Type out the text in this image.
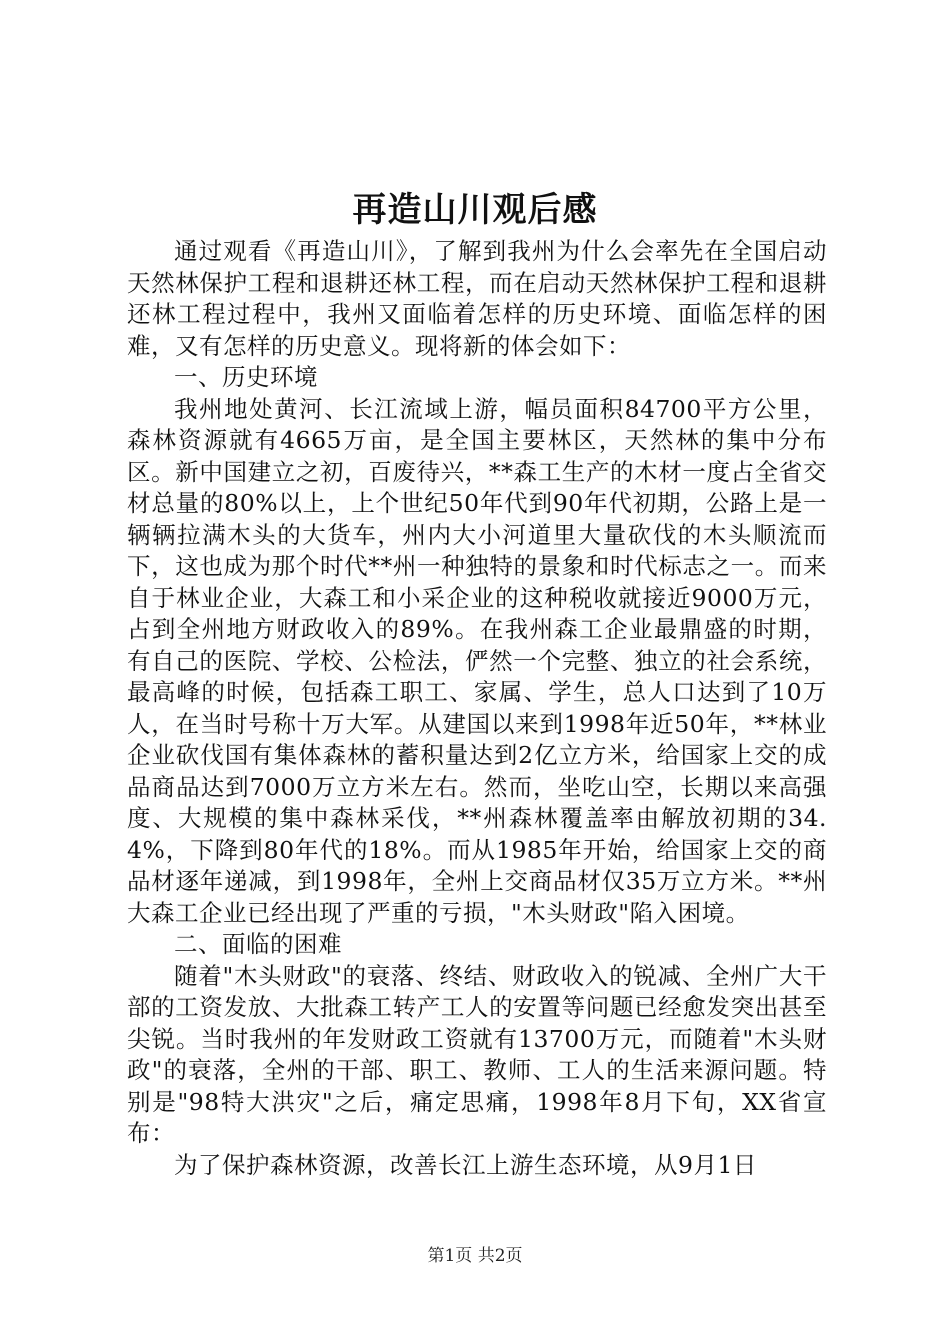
再造山川观后感

通过观看《再造山川》，了解到我州为什么会率先在全国启动天然林保护工程和退耕还林工程，而在启动天然林保护工程和退耕还林工程过程中，我州又面临着怎样的历史环境、面临怎样的困难，又有怎样的历史意义。现将新的体会如下：

一、历史环境

我州地处黄河、长江流域上游，幅员面积84700平方公里，森林资源就有4665万亩，是全国主要林区，天然林的集中分布区。新中国建立之初，百废待兴，**森工生产的木材一度占全省交材总量的80%以上，上个世纪50年代到90年代初期，公路上是一辆辆拉满木头的大货车，州内大小河道里大量砍伐的木头顺流而下，这也成为那个时代**州一种独特的景象和时代标志之一。而来自于林业企业，大森工和小采企业的这种税收就接近9000万元，占到全州地方财政收入的89%。在我州森工企业最鼎盛的时期，有自己的医院、学校、公检法，俨然一个完整、独立的社会系统，最高峰的时候，包括森工职工、家属、学生，总人口达到了10万人，在当时号称十万大军。从建国以来到1998年近50年，**林业企业砍伐国有集体森林的蓄积量达到2亿立方米，给国家上交的成品商品达到7000万立方米左右。然而，坐吃山空，长期以来高强度、大规模的集中森林采伐，**州森林覆盖率由解放初期的34.4%，下降到80年代的18%。而从1985年开始，给国家上交的商品材逐年递减，到1998年，全州上交商品材仅35万立方米。**州大森工企业已经出现了严重的亏损，"木头财政"陷入困境。

二、面临的困难

随着"木头财政"的衰落、终结、财政收入的锐减、全州广大干部的工资发放、大批森工转产工人的安置等问题已经愈发突出甚至尖锐。当时我州的年发财政工资就有13700万元，而随着"木头财政"的衰落，全州的干部、职工、教师、工人的生活来源问题。特别是"98特大洪灾"之后，痛定思痛，1998年8月下旬，XX省宣布：

为了保护森林资源，改善长江上游生态环境，从9月1日

第1页 共2页
